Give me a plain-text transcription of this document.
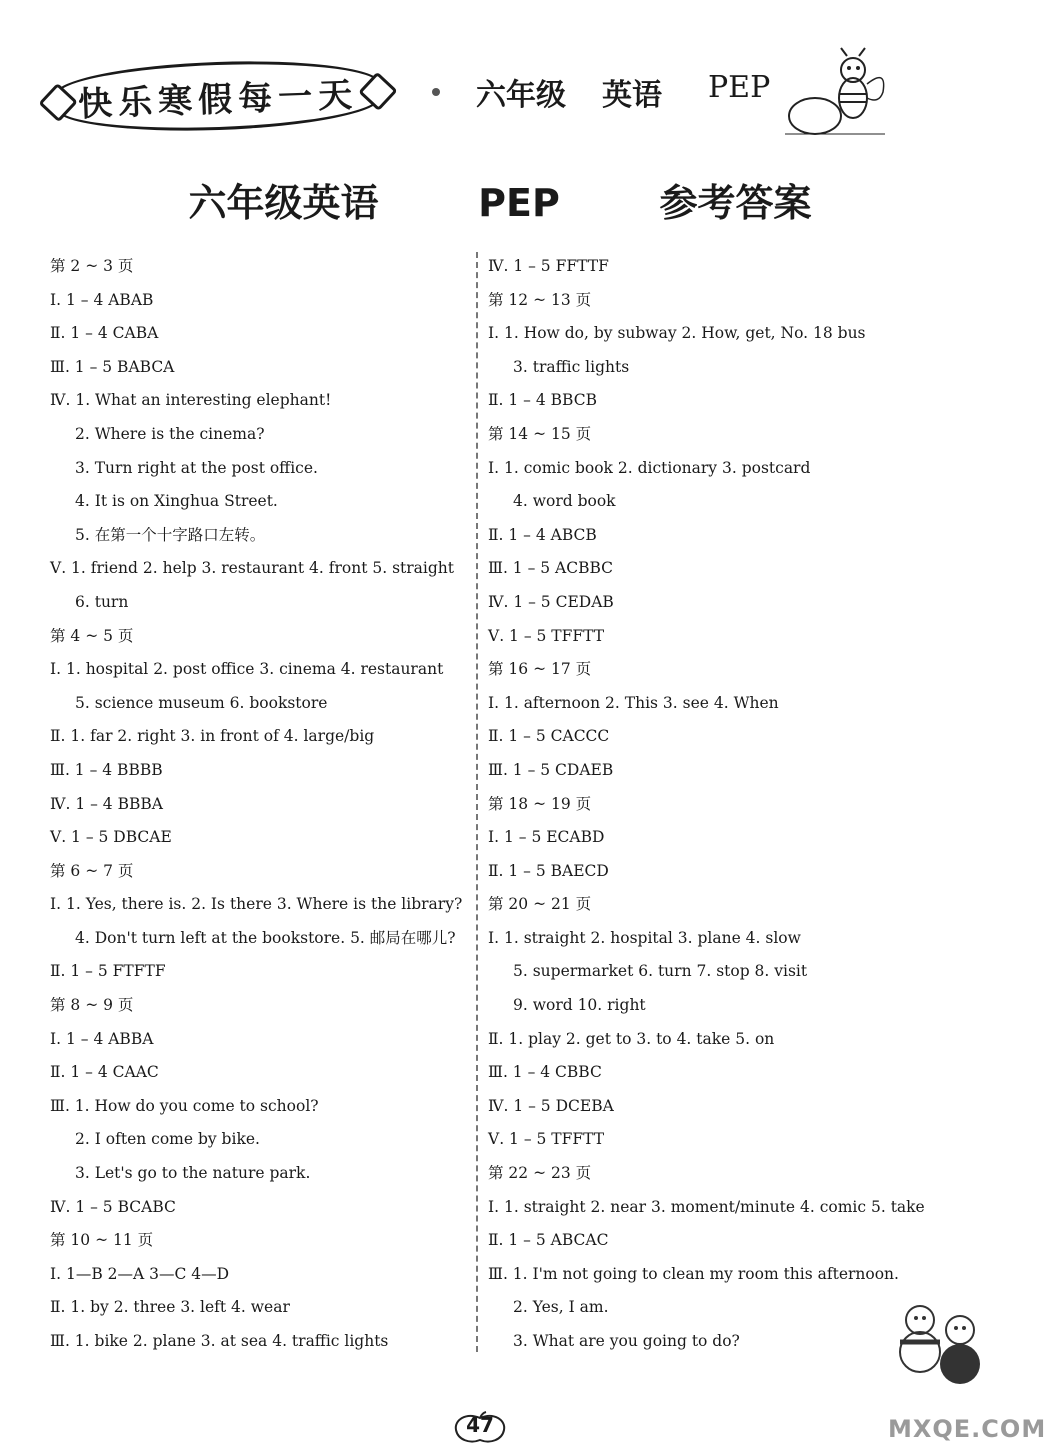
快乐寒假每一天	六年级 英语 PEP
六年级英语   PEP   参考答案
第 2 ~ 3 页
Ⅰ. 1 – 4 ABAB
Ⅱ. 1 – 4 CABA
Ⅲ. 1 – 5 BABCA
Ⅳ. 1. What an interesting elephant!
2. Where is the cinema?
3. Turn right at the post office.
4. It is on Xinghua Street.
5. 在第一个十字路口左转。
Ⅴ. 1. friend 2. help 3. restaurant 4. front 5. straight
6. turn
第 4 ~ 5 页
Ⅰ. 1. hospital 2. post office 3. cinema 4. restaurant
5. science museum 6. bookstore
Ⅱ. 1. far 2. right 3. in front of 4. large/big
Ⅲ. 1 – 4 BBBB
Ⅳ. 1 – 4 BBBA
Ⅴ. 1 – 5 DBCAE
第 6 ~ 7 页
Ⅰ. 1. Yes, there is. 2. Is there 3. Where is the library?
4. Don't turn left at the bookstore. 5. 邮局在哪儿?
Ⅱ. 1 – 5 FTFTF
第 8 ~ 9 页
Ⅰ. 1 – 4 ABBA
Ⅱ. 1 – 4 CAAC
Ⅲ. 1. How do you come to school?
2. I often come by bike.
3. Let's go to the nature park.
Ⅳ. 1 – 5 BCABC
第 10 ~ 11 页
Ⅰ. 1—B 2—A 3—C 4—D
Ⅱ. 1. by 2. three 3. left 4. wear
Ⅲ. 1. bike 2. plane 3. at sea 4. traffic lights
Ⅳ. 1 – 5 FFTTF
第 12 ~ 13 页
Ⅰ. 1. How do, by subway 2. How, get, No. 18 bus
3. traffic lights
Ⅱ. 1 – 4 BBCB
第 14 ~ 15 页
Ⅰ. 1. comic book 2. dictionary 3. postcard
4. word book
Ⅱ. 1 – 4 ABCB
Ⅲ. 1 – 5 ACBBC
Ⅳ. 1 – 5 CEDAB
Ⅴ. 1 – 5 TFFTT
第 16 ~ 17 页
Ⅰ. 1. afternoon 2. This 3. see 4. When
Ⅱ. 1 – 5 CACCC
Ⅲ. 1 – 5 CDAEB
第 18 ~ 19 页
Ⅰ. 1 – 5 ECABD
Ⅱ. 1 – 5 BAECD
第 20 ~ 21 页
Ⅰ. 1. straight 2. hospital 3. plane 4. slow
5. supermarket 6. turn 7. stop 8. visit
9. word 10. right
Ⅱ. 1. play 2. get to 3. to 4. take 5. on
Ⅲ. 1 – 4 CBBC
Ⅳ. 1 – 5 DCEBA
Ⅴ. 1 – 5 TFFTT
第 22 ~ 23 页
Ⅰ. 1. straight 2. near 3. moment/minute 4. comic 5. take
Ⅱ. 1 – 5 ABCAC
Ⅲ. 1. I'm not going to clean my room this afternoon.
2. Yes, I am.
3. What are you going to do?
47	MXQE.COM
